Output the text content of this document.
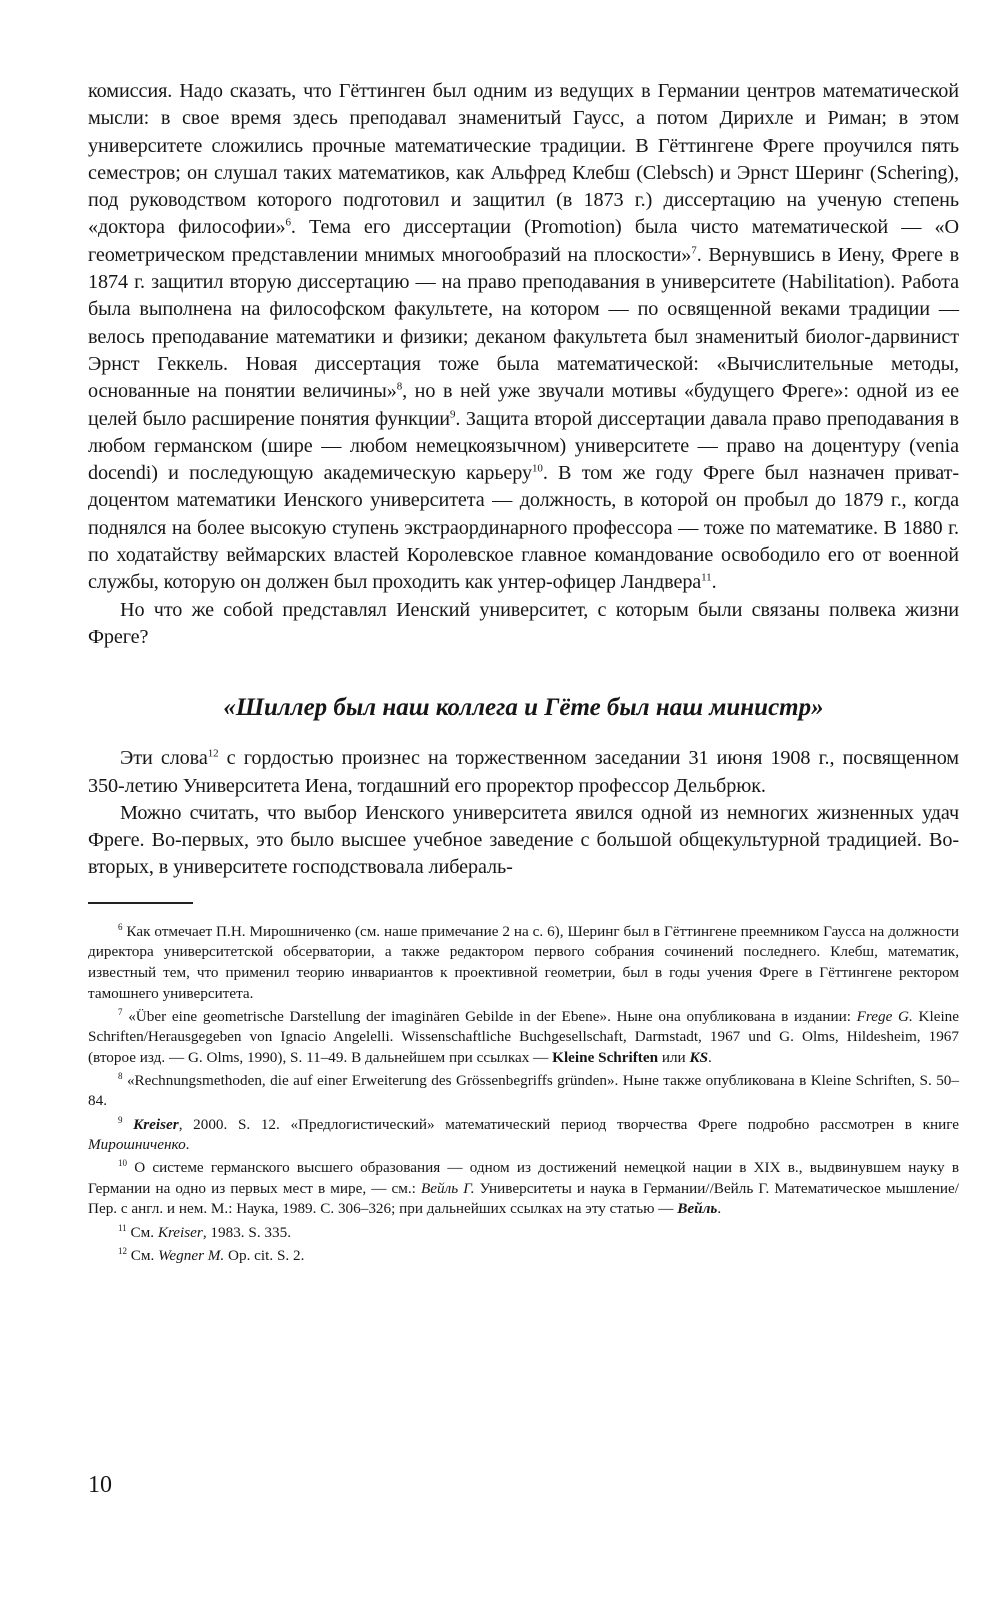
комиссия. Надо сказать, что Гёттинген был одним из ведущих в Германии центров математической мысли: в свое время здесь преподавал знаменитый Гаусс, а потом Дирихле и Риман; в этом университете сложились прочные математические традиции. В Гёттингене Фреге проучился пять семестров; он слушал таких математиков, как Альфред Клебш (Clebsch) и Эрнст Шеринг (Schering), под руководством которого подготовил и защитил (в 1873 г.) диссертацию на ученую степень «доктора философии»$^6$. Тема его диссертации (Promotion) была чисто математической — «О геометрическом представлении мнимых многообразий на плоскости»$^7$. Вернувшись в Иену, Фреге в 1874 г. защитил вторую диссертацию — на право преподавания в университете (Habilitation). Работа была выполнена на философском факультете, на котором — по освященной веками традиции — велось преподавание математики и физики; деканом факультета был знаменитый биолог-дарвинист Эрнст Геккель. Новая диссертация тоже была математической: «Вычислительные методы, основанные на понятии величины»$^8$, но в ней уже звучали мотивы «будущего Фреге»: одной из ее целей было расширение понятия функции$^9$. Защита второй диссертации давала право преподавания в любом германском (шире — любом немецкоязычном) университете — право на доцентуру (venia docendi) и последующую академическую карьеру$^{10}$. В том же году Фреге был назначен приват-доцентом математики Иенского университета — должность, в которой он пробыл до 1879 г., когда поднялся на более высокую ступень экстраординарного профессора — тоже по математике. В 1880 г. по ходатайству веймарских властей Королевское главное командование освободило его от военной службы, которую он должен был проходить как унтер-офицер Ландвера$^{11}$.

Но что же собой представлял Иенский университет, с которым были связаны полвека жизни Фреге?

«Шиллер был наш коллега и Гёте был наш министр»

Эти слова$^{12}$ с гордостью произнес на торжественном заседании 31 июня 1908 г., посвященном 350-летию Университета Иена, тогдашний его проректор профессор Дельбрюк.

Можно считать, что выбор Иенского университета явился одной из немногих жизненных удач Фреге. Во-первых, это было высшее учебное заведение с большой общекультурной традицией. Во-вторых, в университете господствовала либераль-

$^6$ Как отмечает П.Н. Мирошниченко (см. наше примечание 2 на с. 6), Шеринг был в Гёттингене преемником Гаусса на должности директора университетской обсерватории, а также редактором первого собрания сочинений последнего. Клебш, математик, известный тем, что применил теорию инвариантов к проективной геометрии, был в годы учения Фреге в Гёттингене ректором тамошнего университета.

$^7$ «Über eine geometrische Darstellung der imaginären Gebilde in der Ebene». Ныне она опубликована в издании: Frege G. Kleine Schriften/Herausgegeben von Ignacio Angelelli. Wissenschaftliche Buchgesellschaft, Darmstadt, 1967 und G. Olms, Hildesheim, 1967 (второе изд. — G. Olms, 1990), S. 11–49. В дальнейшем при ссылках — Kleine Schriften или KS.

$^8$ «Rechnungsmethoden, die auf einer Erweiterung des Grössenbegriffs gründen». Ныне также опубликована в Kleine Schriften, S. 50–84.

$^9$ Kreiser, 2000. S. 12. «Предлогистический» математический период творчества Фреге подробно рассмотрен в книге Мирошниченко.

$^{10}$ О системе германского высшего образования — одном из достижений немецкой нации в XIX в., выдвинувшем науку в Германии на одно из первых мест в мире, — см.: Вейль Г. Университеты и наука в Германии//Вейль Г. Математическое мышление/Пер. с англ. и нем. М.: Наука, 1989. С. 306–326; при дальнейших ссылках на эту статью — Вейль.

$^{11}$ См. Kreiser, 1983. S. 335.

$^{12}$ См. Wegner M. Op. cit. S. 2.

10
